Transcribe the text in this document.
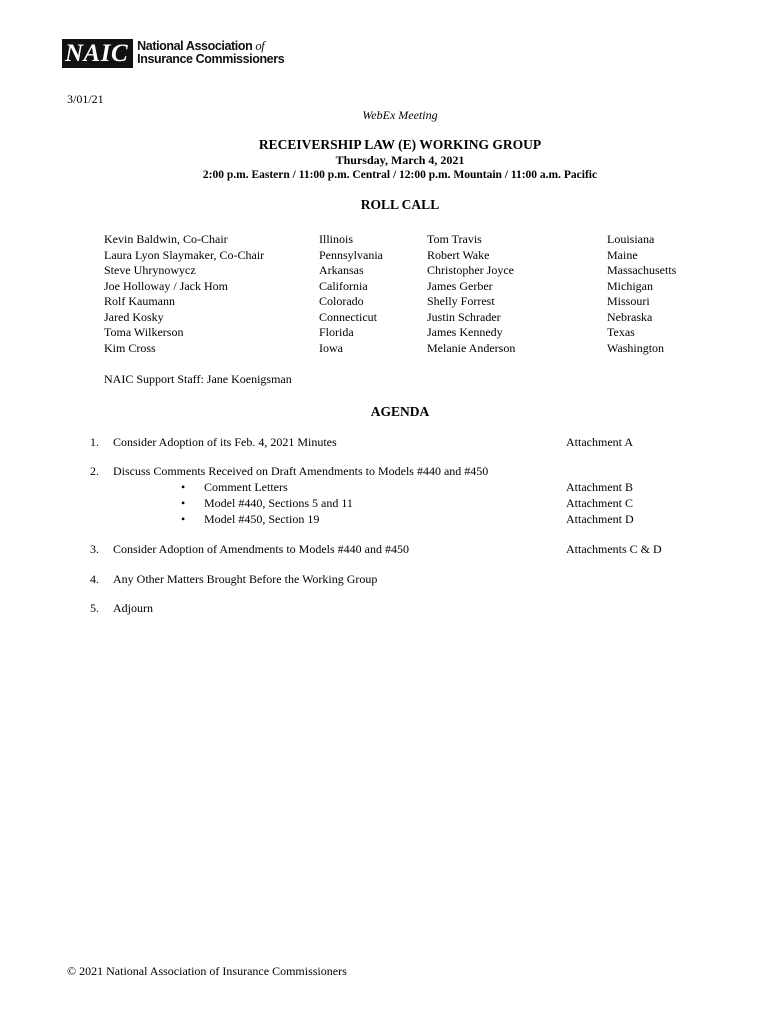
NAIC National Association of
Insurance Commissioners
3/01/21
WebEx Meeting
RECEIVERSHIP LAW (E) WORKING GROUP
Thursday, March 4, 2021
2:00 p.m. Eastern / 11:00 p.m. Central / 12:00 p.m. Mountain / 11:00 a.m. Pacific
ROLL CALL
Kevin Baldwin, Co-Chair	Illinois	Tom Travis	Louisiana
Laura Lyon Slaymaker, Co-Chair	Pennsylvania	Robert Wake	Maine
Steve Uhrynowycz	Arkansas	Christopher Joyce	Massachusetts
Joe Holloway / Jack Hom	California	James Gerber	Michigan
Rolf Kaumann	Colorado	Shelly Forrest	Missouri
Jared Kosky	Connecticut	Justin Schrader	Nebraska
Toma Wilkerson	Florida	James Kennedy	Texas
Kim Cross	Iowa	Melanie Anderson	Washington
NAIC Support Staff: Jane Koenigsman
AGENDA
1. Consider Adoption of its Feb. 4, 2021 Minutes	Attachment A
2. Discuss Comments Received on Draft Amendments to Models #440 and #450
• Comment Letters	Attachment B
• Model #440, Sections 5 and 11	Attachment C
• Model #450, Section 19	Attachment D
3. Consider Adoption of Amendments to Models #440 and #450	Attachments C & D
4. Any Other Matters Brought Before the Working Group
5. Adjourn
© 2021 National Association of Insurance Commissioners
